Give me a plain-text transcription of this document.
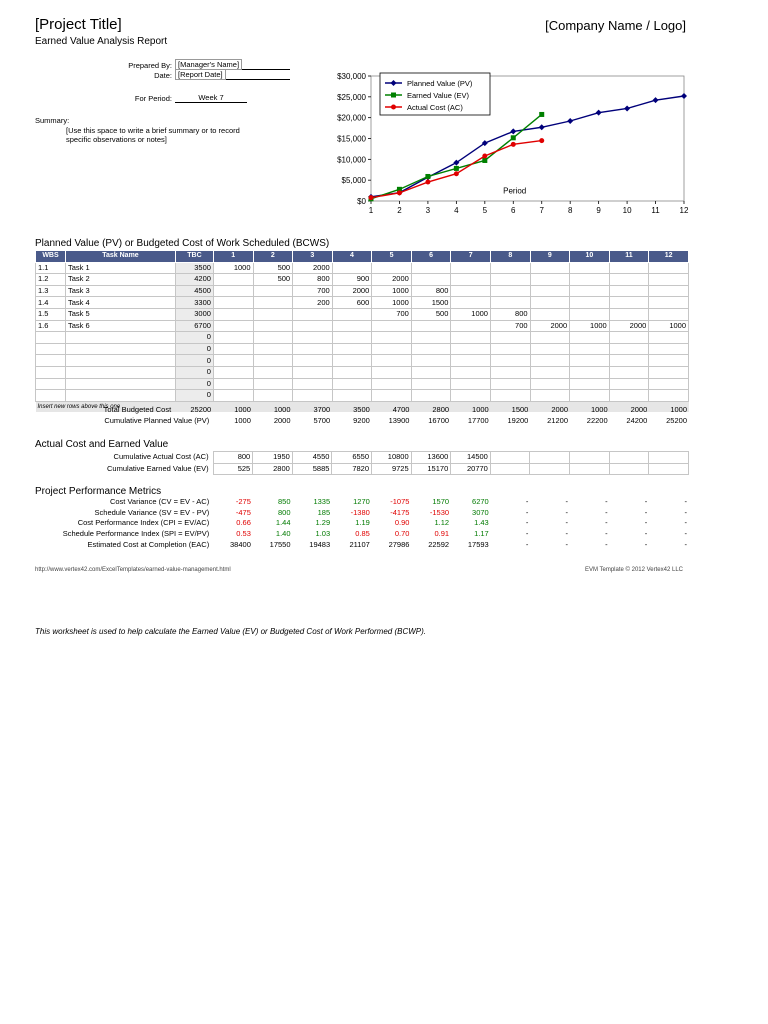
[Project Title]	[Company Name / Logo]
Earned Value Analysis Report
Prepared By: [Manager's Name]
Date: [Report Date]
For Period:	Week 7
Summary:
[Use this space to write a brief summary or to record
specific observations or notes]
$0
$5,000
$10,000
$15,000
$20,000
$25,000
$30,000
1	2	3	4	5	6	7	8	9	10 11 12
Period
Planned Value (PV)
Earned Value (EV)
Actual Cost (AC)
Planned Value (PV) or Budgeted Cost of Work Scheduled (BCWS)
WBS	Task Name	TBC	1	2	3	4	5	6	7	8	9	10	11	12
1.1	Task 1	3500	1000	500	2000									
1.2	Task 2	4200		500	800	900	2000							
1.3	Task 3	4500			700	2000	1000	800						
1.4	Task 4	3300			200	600	1000	1500						
1.5	Task 5	3000					700	500	1000	800				
1.6	Task 6	6700								700	2000	1000	2000	1000
		0												
		0												
		0												
		0												
		0												
		0												
Insert new rows above this one														
Total Budgeted Cost	25200	1000	1000	3700	3500	4700	2800	1000	1500	2000	1000	2000	1000
Cumulative Planned Value (PV)		1000	2000	5700	9200	13900	16700	17700	19200	21200	22200	24200	25200
Actual Cost and Earned Value
Cumulative Actual Cost (AC)	800	1950	4550	6550	10800	13600	14500					
Cumulative Earned Value (EV)	525	2800	5885	7820	9725	15170	20770					
Project Performance Metrics
Cost Variance (CV = EV - AC)	-275	850	1335	1270	-1075	1570	6270	-	-	-	-	-
Schedule Variance (SV = EV - PV)	-475	800	185	-1380	-4175	-1530	3070	-	-	-	-	-
Cost Performance Index (CPI = EV/AC)	0.66	1.44	1.29	1.19	0.90	1.12	1.43	-	-	-	-	-
Schedule Performance Index (SPI = EV/PV)	0.53	1.40	1.03	0.85	0.70	0.91	1.17	-	-	-	-	-
Estimated Cost at Completion (EAC)	38400	17550	19483	21107	27986	22592	17593	-	-	-	-	-
http://www.vertex42.com/ExcelTemplates/earned-value-management.html	EVM Template © 2012 Vertex42 LLC
This worksheet is used to help calculate the Earned Value (EV) or Budgeted Cost of Work Performed (BCWP).
